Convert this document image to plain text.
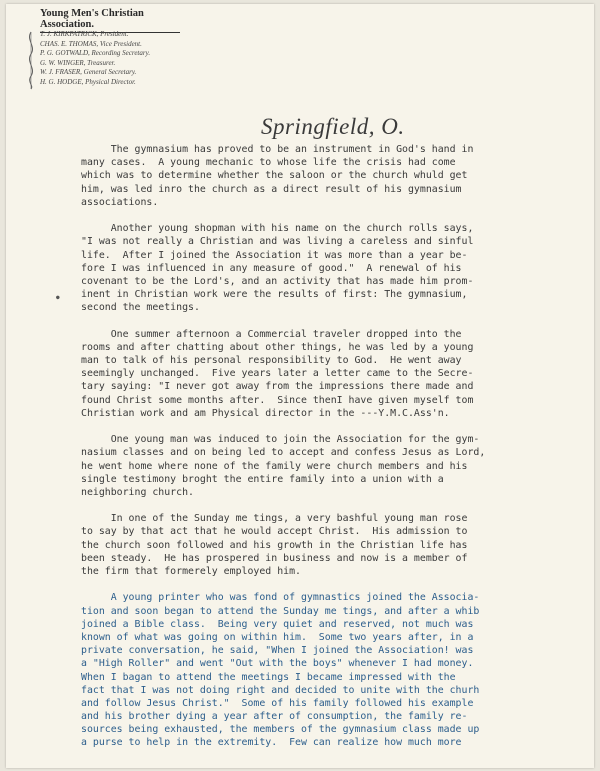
Young Men's Christian Association.
T. J. KIRKPATRICK, President.
CHAS. E. THOMAS, Vice President.
P. G. GOTWALD, Recording Secretary.
G. W. WINGER, Treasurer.
W. J. FRASER, General Secretary.
H. G. HODGE, Physical Director.
Springfield, O.
●
The gymnasium has proved to be an instrument in God's hand in
many cases.  A young mechanic to whose life the crisis had come
which was to determine whether the saloon or the church whuld get
him, was led inro the church as a direct result of his gymnasium
associations.
Another young shopman with his name on the church rolls says,
"I was not really a Christian and was living a careless and sinful
life.  After I joined the Association it was more than a year be-
fore I was influenced in any measure of good."  A renewal of his
covenant to be the Lord's, and an activity that has made him prom-
inent in Christian work were the results of first: The gymnasium,
second the meetings.
One summer afternoon a Commercial traveler dropped into the
rooms and after chatting about other things, he was led by a young
man to talk of his personal responsibility to God.  He went away
seemingly unchanged.  Five years later a letter came to the Secre-
tary saying: "I never got away from the impressions there made and
found Christ some months after.  Since thenI have given myself tom
Christian work and am Physical director in the ---Y.M.C.Ass'n.
One young man was induced to join the Association for the gym-
nasium classes and on being led to accept and confess Jesus as Lord,
he went home where none of the family were church members and his
single testimony broght the entire family into a union with a
neighboring church.
In one of the Sunday me tings, a very bashful young man rose
to say by that act that he would accept Christ.  His admission to
the church soon followed and his growth in the Christian life has
been steady.  He has prospered in business and now is a member of
the firm that formerely employed him.
A young printer who was fond of gymnastics joined the Associa-
tion and soon began to attend the Sunday me tings, and after a whib
joined a Bible class.  Being very quiet and reserved, not much was
known of what was going on within him.  Some two years after, in a
private conversation, he said, "When I joined the Association! was
a "High Roller" and went "Out with the boys" whenever I had money.
When I bagan to attend the meetings I became impressed with the
fact that I was not doing right and decided to unite with the churh
and follow Jesus Christ."  Some of his family followed his example
and his brother dying a year after of consumption, the family re-
sources being exhausted, the members of the gymnasium class made up
a purse to help in the extremity.  Few can realize how much more
